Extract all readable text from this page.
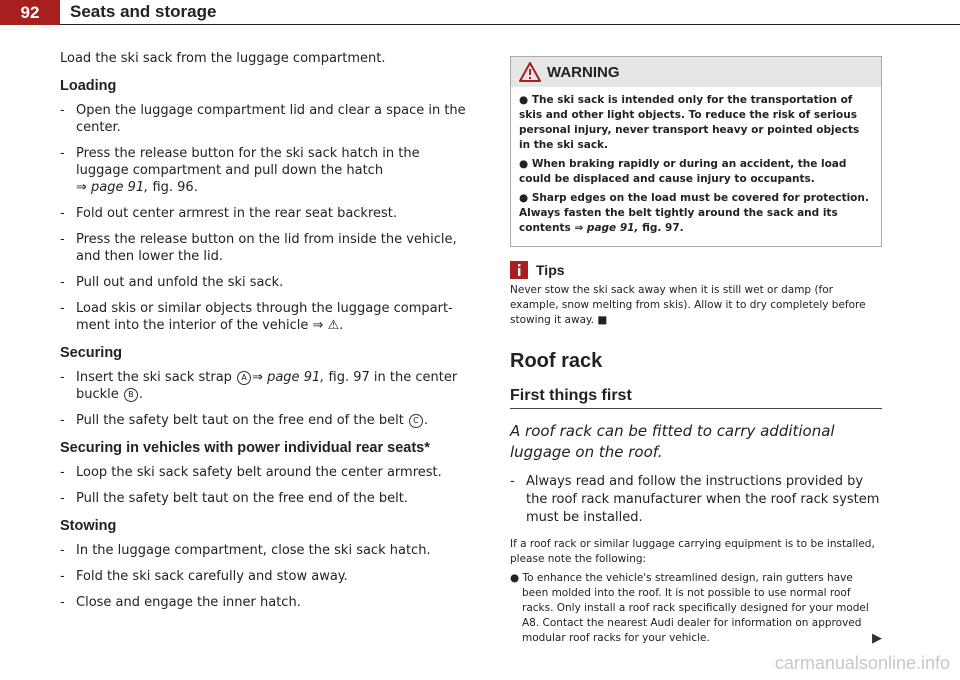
92	Seats and storage

Load the ski sack from the luggage compartment.

Loading

- Open the luggage compartment lid and clear a space in the center.

- Press the release button for the ski sack hatch in the luggage compartment and pull down the hatch
⇒ page 91, fig. 96.

- Fold out center armrest in the rear seat backrest.

- Press the release button on the lid from inside the vehicle, and then lower the lid.

- Pull out and unfold the ski sack.

- Load skis or similar objects through the luggage compart-ment into the interior of the vehicle ⇒ ⚠.

Securing

- Insert the ski sack strap A ⇒ page 91, fig. 97 in the center buckle B .

- Pull the safety belt taut on the free end of the belt C .

Securing in vehicles with power individual rear seats*

- Loop the ski sack safety belt around the center armrest.

- Pull the safety belt taut on the free end of the belt.

Stowing

- In the luggage compartment, close the ski sack hatch.

- Fold the ski sack carefully and stow away.

- Close and engage the inner hatch.

WARNING

● The ski sack is intended only for the transportation of skis and other light objects. To reduce the risk of serious personal injury, never transport heavy or pointed objects in the ski sack.

● When braking rapidly or during an accident, the load could be displaced and cause injury to occupants.

● Sharp edges on the load must be covered for protection. Always fasten the belt tightly around the sack and its contents ⇒ page 91, fig. 97.

Tips

Never stow the ski sack away when it is still wet or damp (for example, snow melting from skis). Allow it to dry completely before stowing it away. ■

Roof rack
First things first

A roof rack can be fitted to carry additional luggage on the roof.

- Always read and follow the instructions provided by the roof rack manufacturer when the roof rack system must be installed.

If a roof rack or similar luggage carrying equipment is to be installed, please note the following:

● To enhance the vehicle's streamlined design, rain gutters have been molded into the roof. It is not possible to use normal roof racks. Only install a roof rack specifically designed for your model A8. Contact the nearest Audi dealer for information on approved modular roof racks for your vehicle.	▶
carmanualsonline.info
